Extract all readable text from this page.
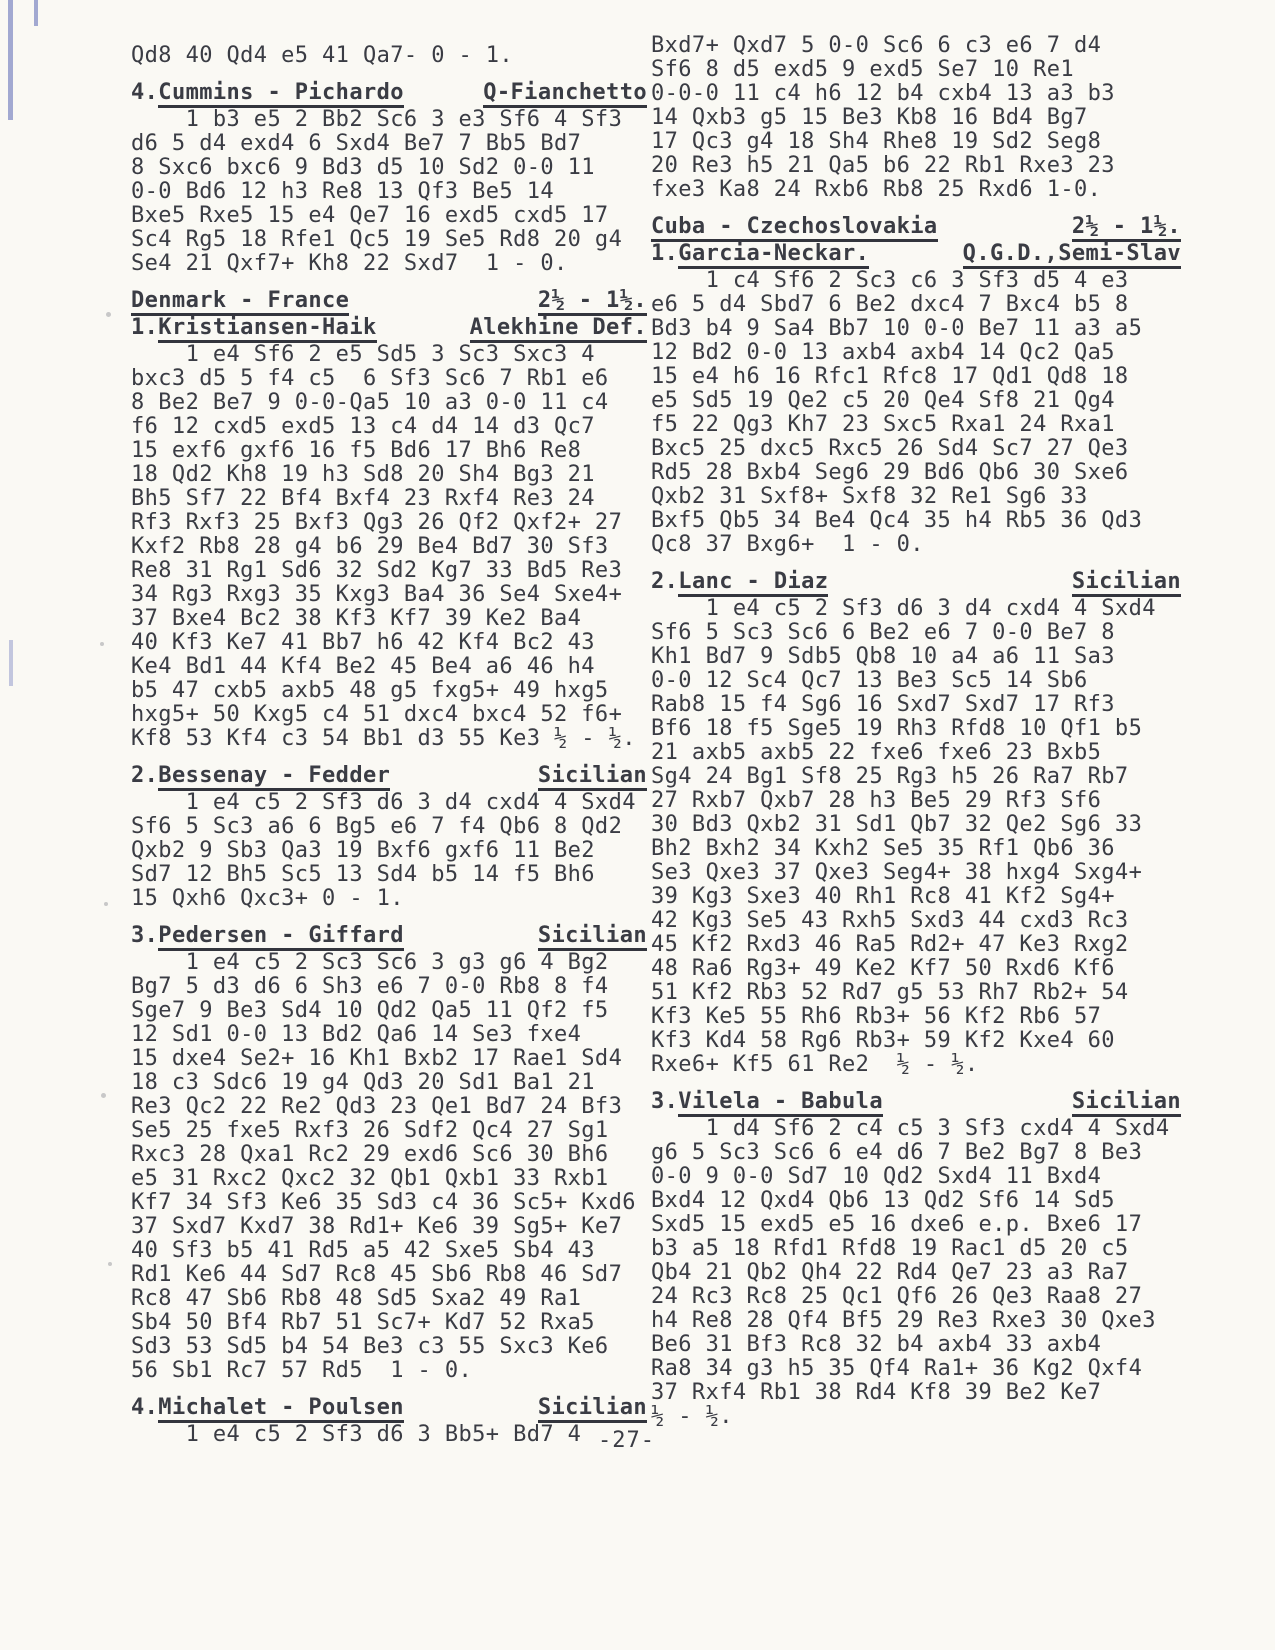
Qd8 40 Qd4 e5 41 Qa7- 0 - 1.
4.Cummins - Pichardo	Q-Fianchetto
1 b3 e5 2 Bb2 Sc6 3 e3 Sf6 4 Sf3
d6 5 d4 exd4 6 Sxd4 Be7 7 Bb5 Bd7
8 Sxc6 bxc6 9 Bd3 d5 10 Sd2 0-0 11
0-0 Bd6 12 h3 Re8 13 Qf3 Be5 14
Bxe5 Rxe5 15 e4 Qe7 16 exd5 cxd5 17
Sc4 Rg5 18 Rfe1 Qc5 19 Se5 Rd8 20 g4
Se4 21 Qxf7+ Kh8 22 Sxd7  1 - 0.
Denmark - France	2½ - 1½.
1.Kristiansen-Haik	Alekhine Def.
1 e4 Sf6 2 e5 Sd5 3 Sc3 Sxc3 4
bxc3 d5 5 f4 c5  6 Sf3 Sc6 7 Rb1 e6
8 Be2 Be7 9 0-0-Qa5 10 a3 0-0 11 c4
f6 12 cxd5 exd5 13 c4 d4 14 d3 Qc7
15 exf6 gxf6 16 f5 Bd6 17 Bh6 Re8
18 Qd2 Kh8 19 h3 Sd8 20 Sh4 Bg3 21
Bh5 Sf7 22 Bf4 Bxf4 23 Rxf4 Re3 24
Rf3 Rxf3 25 Bxf3 Qg3 26 Qf2 Qxf2+ 27
Kxf2 Rb8 28 g4 b6 29 Be4 Bd7 30 Sf3
Re8 31 Rg1 Sd6 32 Sd2 Kg7 33 Bd5 Re3
34 Rg3 Rxg3 35 Kxg3 Ba4 36 Se4 Sxe4+
37 Bxe4 Bc2 38 Kf3 Kf7 39 Ke2 Ba4
40 Kf3 Ke7 41 Bb7 h6 42 Kf4 Bc2 43
Ke4 Bd1 44 Kf4 Be2 45 Be4 a6 46 h4
b5 47 cxb5 axb5 48 g5 fxg5+ 49 hxg5
hxg5+ 50 Kxg5 c4 51 dxc4 bxc4 52 f6+
Kf8 53 Kf4 c3 54 Bb1 d3 55 Ke3 ½ - ½.
2.Bessenay - Fedder	Sicilian
1 e4 c5 2 Sf3 d6 3 d4 cxd4 4 Sxd4
Sf6 5 Sc3 a6 6 Bg5 e6 7 f4 Qb6 8 Qd2
Qxb2 9 Sb3 Qa3 19 Bxf6 gxf6 11 Be2
Sd7 12 Bh5 Sc5 13 Sd4 b5 14 f5 Bh6
15 Qxh6 Qxc3+ 0 - 1.
3.Pedersen - Giffard	Sicilian
1 e4 c5 2 Sc3 Sc6 3 g3 g6 4 Bg2
Bg7 5 d3 d6 6 Sh3 e6 7 0-0 Rb8 8 f4
Sge7 9 Be3 Sd4 10 Qd2 Qa5 11 Qf2 f5
12 Sd1 0-0 13 Bd2 Qa6 14 Se3 fxe4
15 dxe4 Se2+ 16 Kh1 Bxb2 17 Rae1 Sd4
18 c3 Sdc6 19 g4 Qd3 20 Sd1 Ba1 21
Re3 Qc2 22 Re2 Qd3 23 Qe1 Bd7 24 Bf3
Se5 25 fxe5 Rxf3 26 Sdf2 Qc4 27 Sg1
Rxc3 28 Qxa1 Rc2 29 exd6 Sc6 30 Bh6
e5 31 Rxc2 Qxc2 32 Qb1 Qxb1 33 Rxb1
Kf7 34 Sf3 Ke6 35 Sd3 c4 36 Sc5+ Kxd6
37 Sxd7 Kxd7 38 Rd1+ Ke6 39 Sg5+ Ke7
40 Sf3 b5 41 Rd5 a5 42 Sxe5 Sb4 43
Rd1 Ke6 44 Sd7 Rc8 45 Sb6 Rb8 46 Sd7
Rc8 47 Sb6 Rb8 48 Sd5 Sxa2 49 Ra1
Sb4 50 Bf4 Rb7 51 Sc7+ Kd7 52 Rxa5
Sd3 53 Sd5 b4 54 Be3 c3 55 Sxc3 Ke6
56 Sb1 Rc7 57 Rd5  1 - 0.
4.Michalet - Poulsen	Sicilian
1 e4 c5 2 Sf3 d6 3 Bb5+ Bd7 4
Bxd7+ Qxd7 5 0-0 Sc6 6 c3 e6 7 d4
Sf6 8 d5 exd5 9 exd5 Se7 10 Re1
0-0-0 11 c4 h6 12 b4 cxb4 13 a3 b3
14 Qxb3 g5 15 Be3 Kb8 16 Bd4 Bg7
17 Qc3 g4 18 Sh4 Rhe8 19 Sd2 Seg8
20 Re3 h5 21 Qa5 b6 22 Rb1 Rxe3 23
fxe3 Ka8 24 Rxb6 Rb8 25 Rxd6 1-0.
Cuba - Czechoslovakia	2½ - 1½.
1.Garcia-Neckar.	Q.G.D.,Semi-Slav
1 c4 Sf6 2 Sc3 c6 3 Sf3 d5 4 e3
e6 5 d4 Sbd7 6 Be2 dxc4 7 Bxc4 b5 8
Bd3 b4 9 Sa4 Bb7 10 0-0 Be7 11 a3 a5
12 Bd2 0-0 13 axb4 axb4 14 Qc2 Qa5
15 e4 h6 16 Rfc1 Rfc8 17 Qd1 Qd8 18
e5 Sd5 19 Qe2 c5 20 Qe4 Sf8 21 Qg4
f5 22 Qg3 Kh7 23 Sxc5 Rxa1 24 Rxa1
Bxc5 25 dxc5 Rxc5 26 Sd4 Sc7 27 Qe3
Rd5 28 Bxb4 Seg6 29 Bd6 Qb6 30 Sxe6
Qxb2 31 Sxf8+ Sxf8 32 Re1 Sg6 33
Bxf5 Qb5 34 Be4 Qc4 35 h4 Rb5 36 Qd3
Qc8 37 Bxg6+  1 - 0.
2.Lanc - Diaz	Sicilian
1 e4 c5 2 Sf3 d6 3 d4 cxd4 4 Sxd4
Sf6 5 Sc3 Sc6 6 Be2 e6 7 0-0 Be7 8
Kh1 Bd7 9 Sdb5 Qb8 10 a4 a6 11 Sa3
0-0 12 Sc4 Qc7 13 Be3 Sc5 14 Sb6
Rab8 15 f4 Sg6 16 Sxd7 Sxd7 17 Rf3
Bf6 18 f5 Sge5 19 Rh3 Rfd8 10 Qf1 b5
21 axb5 axb5 22 fxe6 fxe6 23 Bxb5
Sg4 24 Bg1 Sf8 25 Rg3 h5 26 Ra7 Rb7
27 Rxb7 Qxb7 28 h3 Be5 29 Rf3 Sf6
30 Bd3 Qxb2 31 Sd1 Qb7 32 Qe2 Sg6 33
Bh2 Bxh2 34 Kxh2 Se5 35 Rf1 Qb6 36
Se3 Qxe3 37 Qxe3 Seg4+ 38 hxg4 Sxg4+
39 Kg3 Sxe3 40 Rh1 Rc8 41 Kf2 Sg4+
42 Kg3 Se5 43 Rxh5 Sxd3 44 cxd3 Rc3
45 Kf2 Rxd3 46 Ra5 Rd2+ 47 Ke3 Rxg2
48 Ra6 Rg3+ 49 Ke2 Kf7 50 Rxd6 Kf6
51 Kf2 Rb3 52 Rd7 g5 53 Rh7 Rb2+ 54
Kf3 Ke5 55 Rh6 Rb3+ 56 Kf2 Rb6 57
Kf3 Kd4 58 Rg6 Rb3+ 59 Kf2 Kxe4 60
Rxe6+ Kf5 61 Re2  ½ - ½.
3.Vilela - Babula	Sicilian
1 d4 Sf6 2 c4 c5 3 Sf3 cxd4 4 Sxd4
g6 5 Sc3 Sc6 6 e4 d6 7 Be2 Bg7 8 Be3
0-0 9 0-0 Sd7 10 Qd2 Sxd4 11 Bxd4
Bxd4 12 Qxd4 Qb6 13 Qd2 Sf6 14 Sd5
Sxd5 15 exd5 e5 16 dxe6 e.p. Bxe6 17
b3 a5 18 Rfd1 Rfd8 19 Rac1 d5 20 c5
Qb4 21 Qb2 Qh4 22 Rd4 Qe7 23 a3 Ra7
24 Rc3 Rc8 25 Qc1 Qf6 26 Qe3 Raa8 27
h4 Re8 28 Qf4 Bf5 29 Re3 Rxe3 30 Qxe3
Be6 31 Bf3 Rc8 32 b4 axb4 33 axb4
Ra8 34 g3 h5 35 Qf4 Ra1+ 36 Kg2 Qxf4
37 Rxf4 Rb1 38 Rd4 Kf8 39 Be2 Ke7
½ - ½.
-27-
